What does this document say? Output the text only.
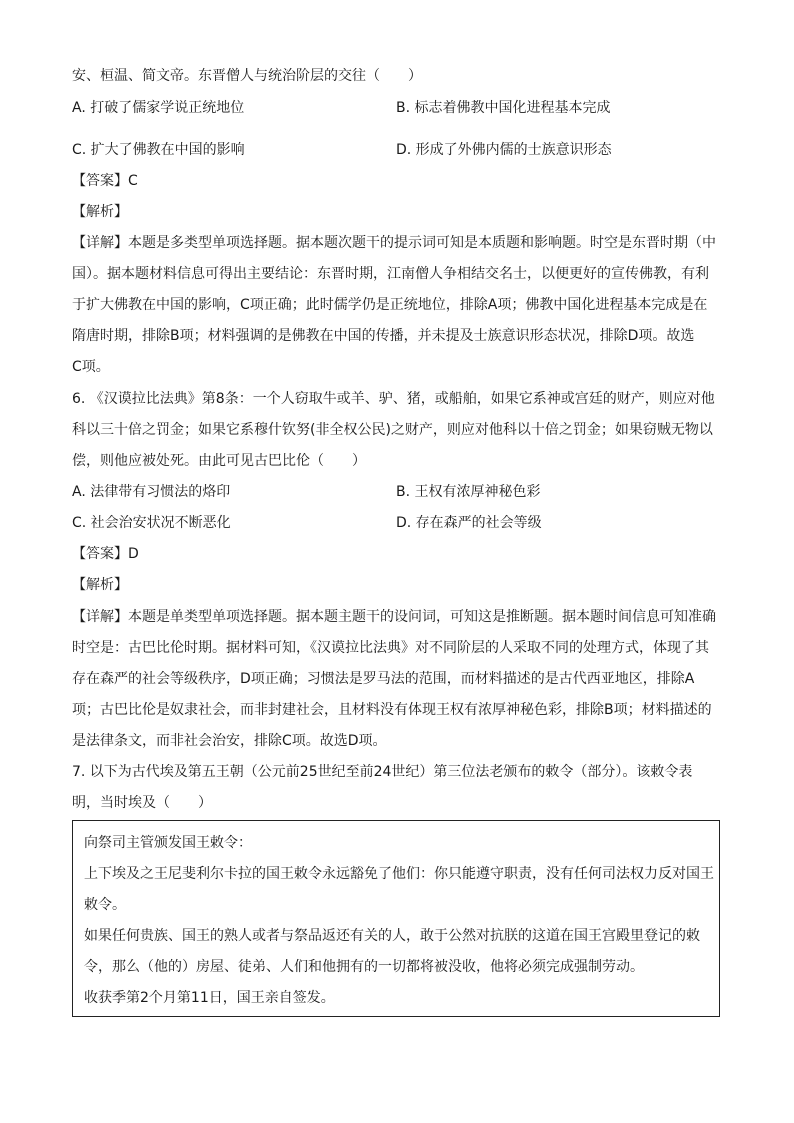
安、桓温、简文帝。东晋僧人与统治阶层的交往（　　）
A. 打破了儒家学说正统地位	B. 标志着佛教中国化进程基本完成
C. 扩大了佛教在中国的影响	D. 形成了外佛内儒的士族意识形态
【答案】C
【解析】
【详解】本题是多类型单项选择题。据本题次题干的提示词可知是本质题和影响题。时空是东晋时期（中
国）。据本题材料信息可得出主要结论：东晋时期，江南僧人争相结交名士，以便更好的宣传佛教，有利
于扩大佛教在中国的影响，C项正确；此时儒学仍是正统地位，排除A项；佛教中国化进程基本完成是在
隋唐时期，排除B项；材料强调的是佛教在中国的传播，并未提及士族意识形态状况，排除D项。故选
C项。
6. 《汉谟拉比法典》第8条：一个人窃取牛或羊、驴、猪，或船舶，如果它系神或宫廷的财产，则应对他
科以三十倍之罚金；如果它系穆什钦努(非全权公民)之财产，则应对他科以十倍之罚金；如果窃贼无物以
偿，则他应被处死。由此可见古巴比伦（　　）
A. 法律带有习惯法的烙印	B. 王权有浓厚神秘色彩
C. 社会治安状况不断恶化	D. 存在森严的社会等级
【答案】D
【解析】
【详解】本题是单类型单项选择题。据本题主题干的设问词，可知这是推断题。据本题时间信息可知准确
时空是：古巴比伦时期。据材料可知，《汉谟拉比法典》对不同阶层的人采取不同的处理方式，体现了其
存在森严的社会等级秩序，D项正确；习惯法是罗马法的范围，而材料描述的是古代西亚地区，排除A
项；古巴比伦是奴隶社会，而非封建社会，且材料没有体现王权有浓厚神秘色彩，排除B项；材料描述的
是法律条文，而非社会治安，排除C项。故选D项。
7. 以下为古代埃及第五王朝（公元前25世纪至前24世纪）第三位法老颁布的敕令（部分）。该敕令表
明，当时埃及（　　）
向祭司主管颁发国王敕令：
上下埃及之王尼斐利尔卡拉的国王敕令永远豁免了他们：你只能遵守职责，没有任何司法权力反对国王
敕令。
如果任何贵族、国王的熟人或者与祭品返还有关的人，敢于公然对抗朕的这道在国王宫殿里登记的敕
令，那么（他的）房屋、徒弟、人们和他拥有的一切都将被没收，他将必须完成强制劳动。
收获季第2个月第11日，国王亲自签发。
